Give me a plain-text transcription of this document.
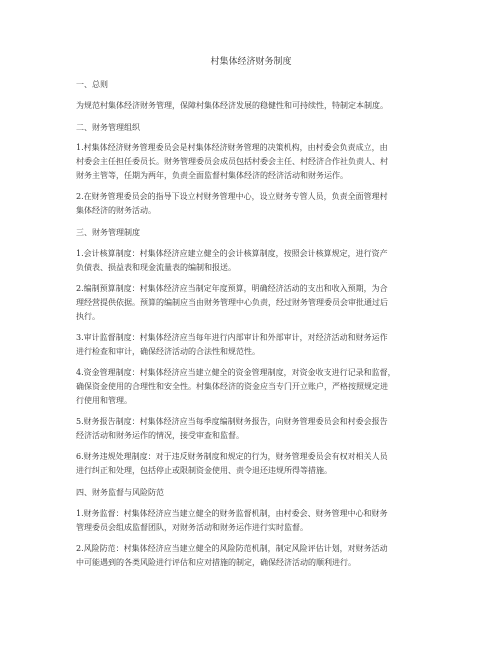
村集体经济财务制度
一、总则
为规范村集体经济财务管理，保障村集体经济发展的稳健性和可持续性，特制定本制度。
二、财务管理组织
1.村集体经济财务管理委员会是村集体经济财务管理的决策机构，由村委会负责成立，由
村委会主任担任委员长。财务管理委员会成员包括村委会主任、村经济合作社负责人、村
财务主管等，任期为两年，负责全面监督村集体经济的经济活动和财务运作。
2.在财务管理委员会的指导下设立村财务管理中心，设立财务专管人员，负责全面管理村
集体经济的财务活动。
三、财务管理制度
1.会计核算制度：村集体经济应建立健全的会计核算制度，按照会计核算规定，进行资产
负债表、损益表和现金流量表的编制和报送。
2.编制预算制度：村集体经济应当制定年度预算，明确经济活动的支出和收入预期，为合
理经营提供依据。预算的编制应当由财务管理中心负责，经过财务管理委员会审批通过后
执行。
3.审计监督制度：村集体经济应当每年进行内部审计和外部审计，对经济活动和财务运作
进行检查和审计，确保经济活动的合法性和规范性。
4.资金管理制度：村集体经济应当建立健全的资金管理制度，对资金收支进行记录和监督，
确保资金使用的合理性和安全性。村集体经济的资金应当专门开立账户，严格按照规定进
行使用和管理。
5.财务报告制度：村集体经济应当每季度编制财务报告，向财务管理委员会和村委会报告
经济活动和财务运作的情况，接受审查和监督。
6.财务违规处理制度：对于违反财务制度和规定的行为，财务管理委员会有权对相关人员
进行纠正和处理，包括停止或限制资金使用、责令退还违规所得等措施。
四、财务监督与风险防范
1.财务监督：村集体经济应当建立健全的财务监督机制，由村委会、财务管理中心和财务
管理委员会组成监督团队，对财务活动和财务运作进行实时监督。
2.风险防范：村集体经济应当建立健全的风险防范机制，制定风险评估计划，对财务活动
中可能遇到的各类风险进行评估和应对措施的制定，确保经济活动的顺利进行。
